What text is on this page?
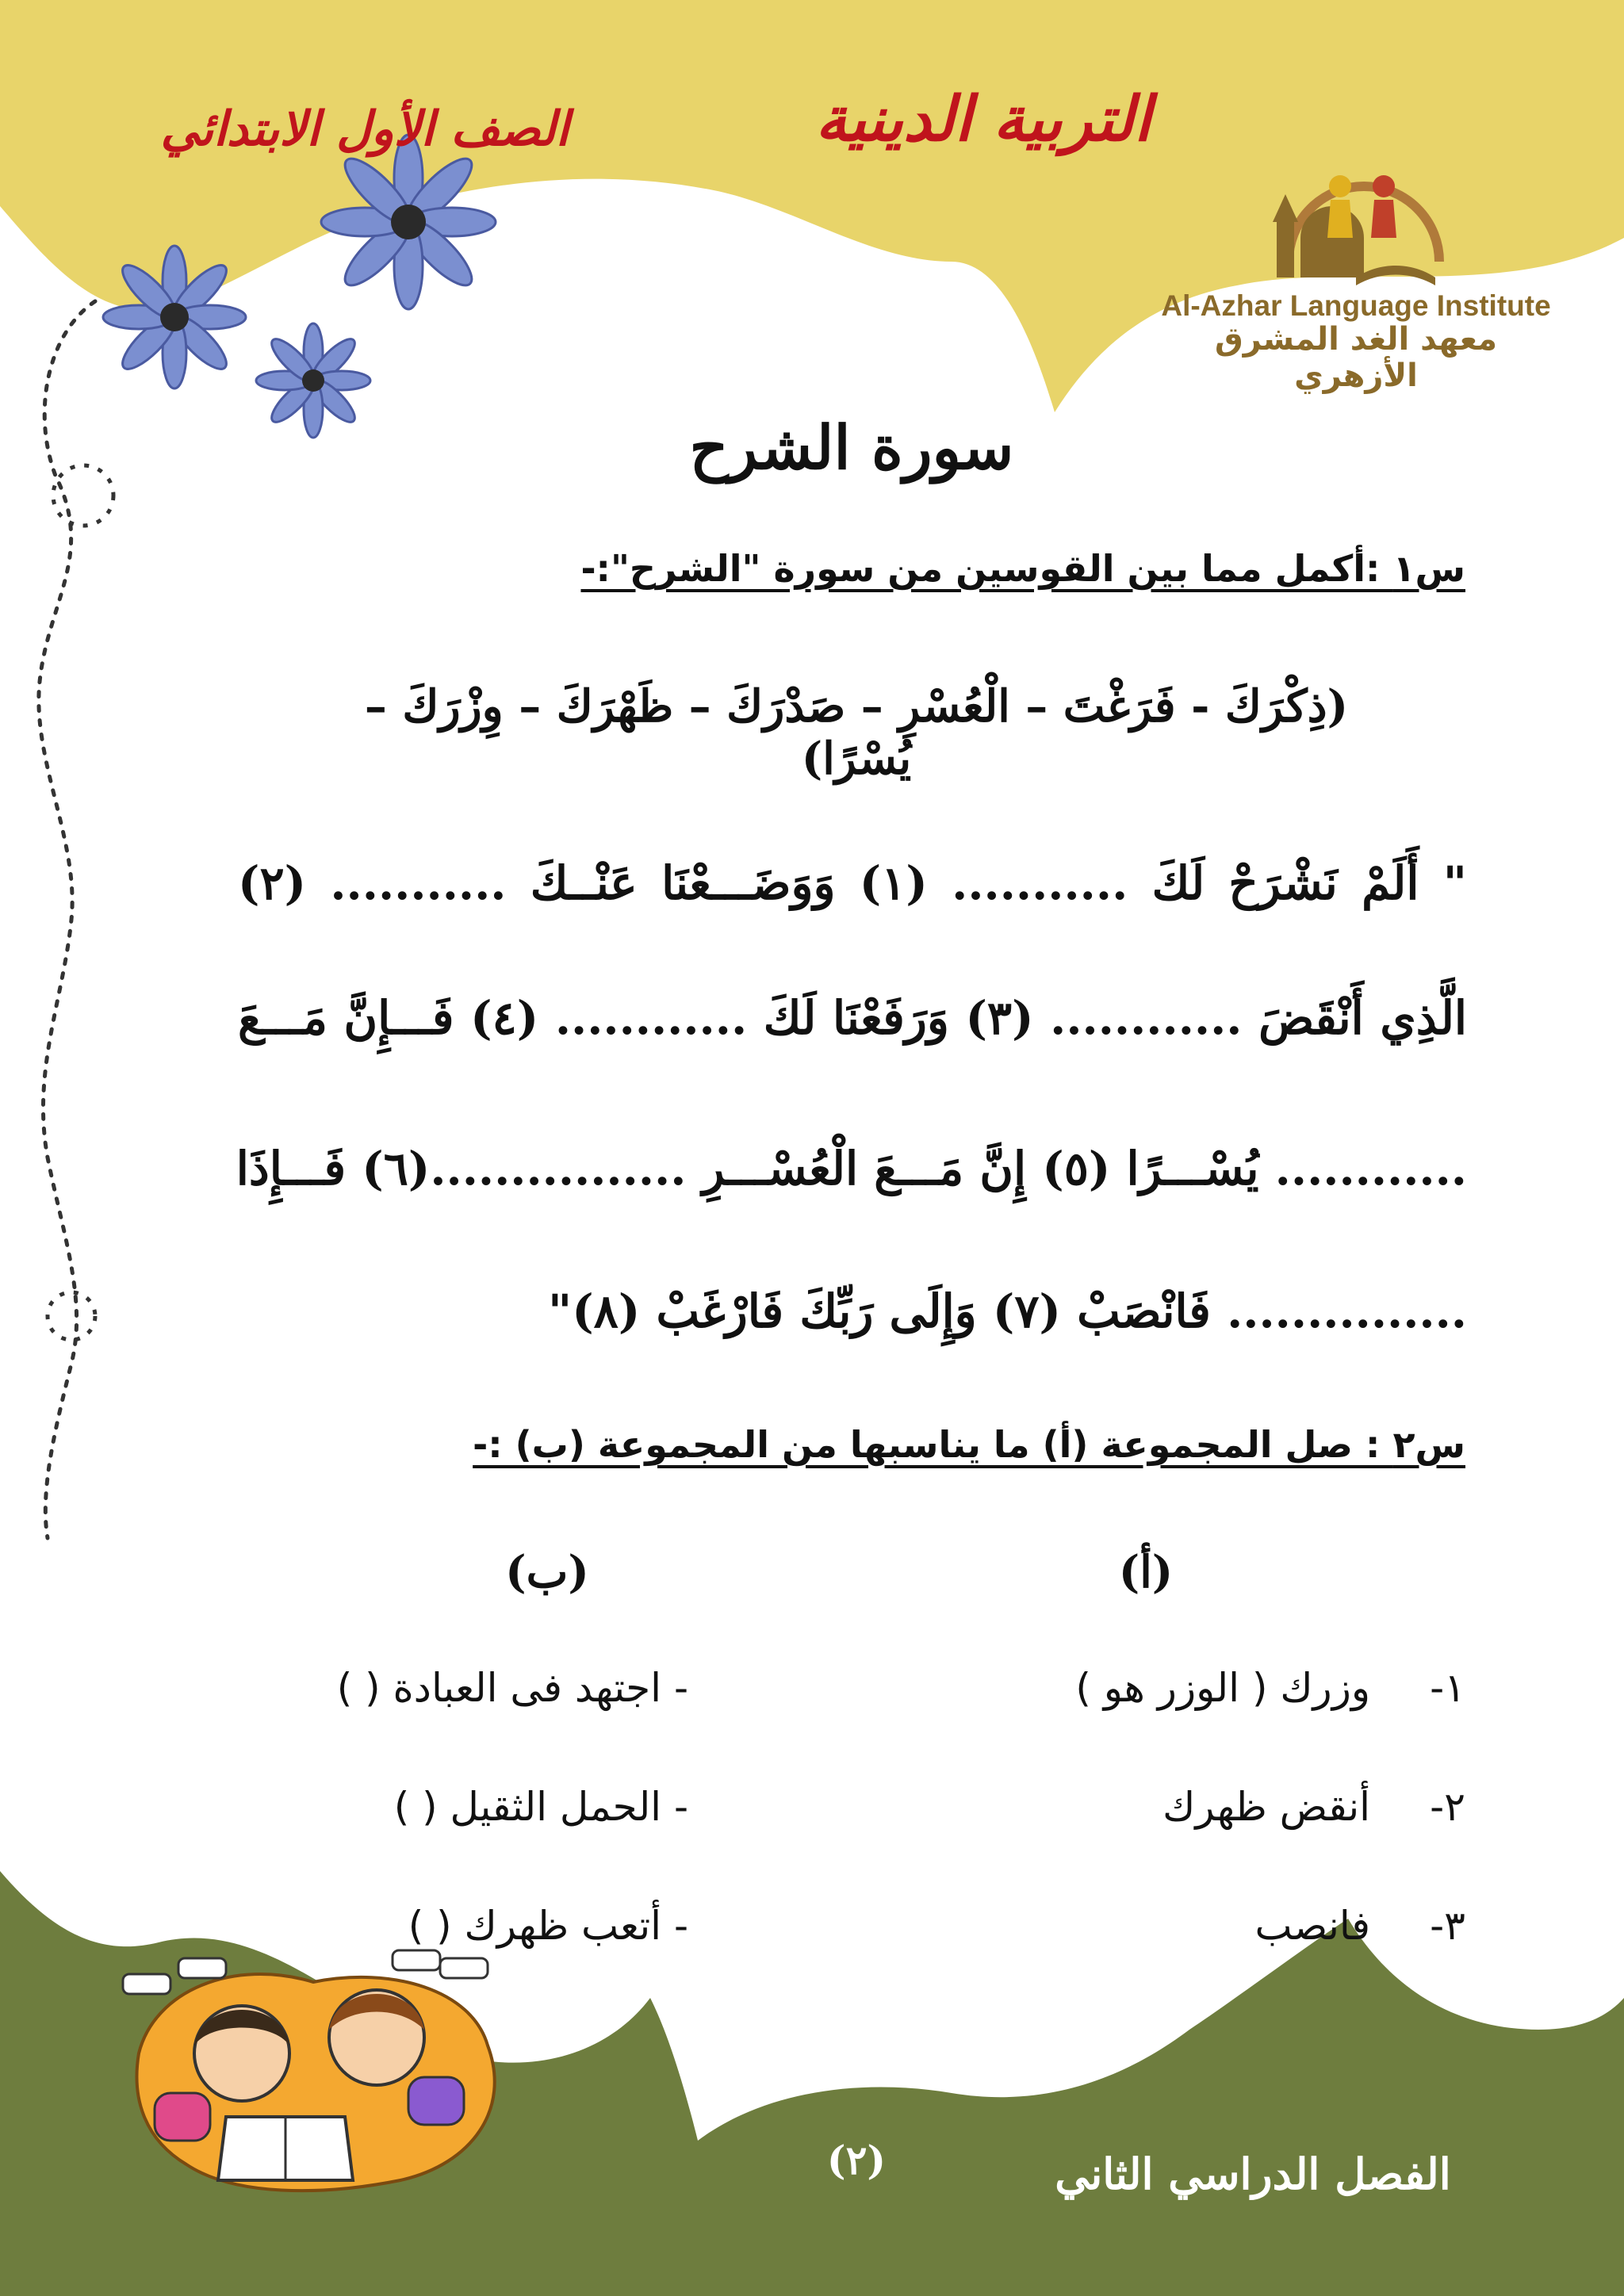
التربية الدينية
الصف الأول الابتدائي
Al-Azhar Language Institute
معهد الغد المشرق الأزهري
سورة الشرح
س١ :أكمل مما بين القوسين من سورة "الشرح":-
(ذِكْرَكَ - فَرَغْتَ – الْعُسْرِ – صَدْرَكَ – ظَهْرَكَ – وِزْرَكَ – يُسْرًا)
" أَلَمْ نَشْرَحْ لَكَ ........... (١) وَوَضَـــعْنَا عَنْــكَ ........... (٢)
الَّذِي أَنْقَضَ ............ (٣) وَرَفَعْنَا لَكَ ............ (٤) فَـــإِنَّ مَـــعَ
............ يُسْـــرًا (٥) إِنَّ مَـــعَ الْعُسْـــرِ ................(٦) فَـــإِذَا
............... فَانْصَبْ (٧) وَإِلَى رَبِّكَ فَارْغَبْ (٨)"
س٢ : صل المجموعة (أ) ما يناسبها من المجموعة (ب) :-
(أ)
(ب)
١-
وزرك ( الوزر هو )
٢-
أنقض ظهرك
٣-
فانصب
- اجتهد فى العبادة ( )
- الحمل الثقيل ( )
- أتعب ظهرك ( )
(٢)	الفصل الدراسي الثاني
